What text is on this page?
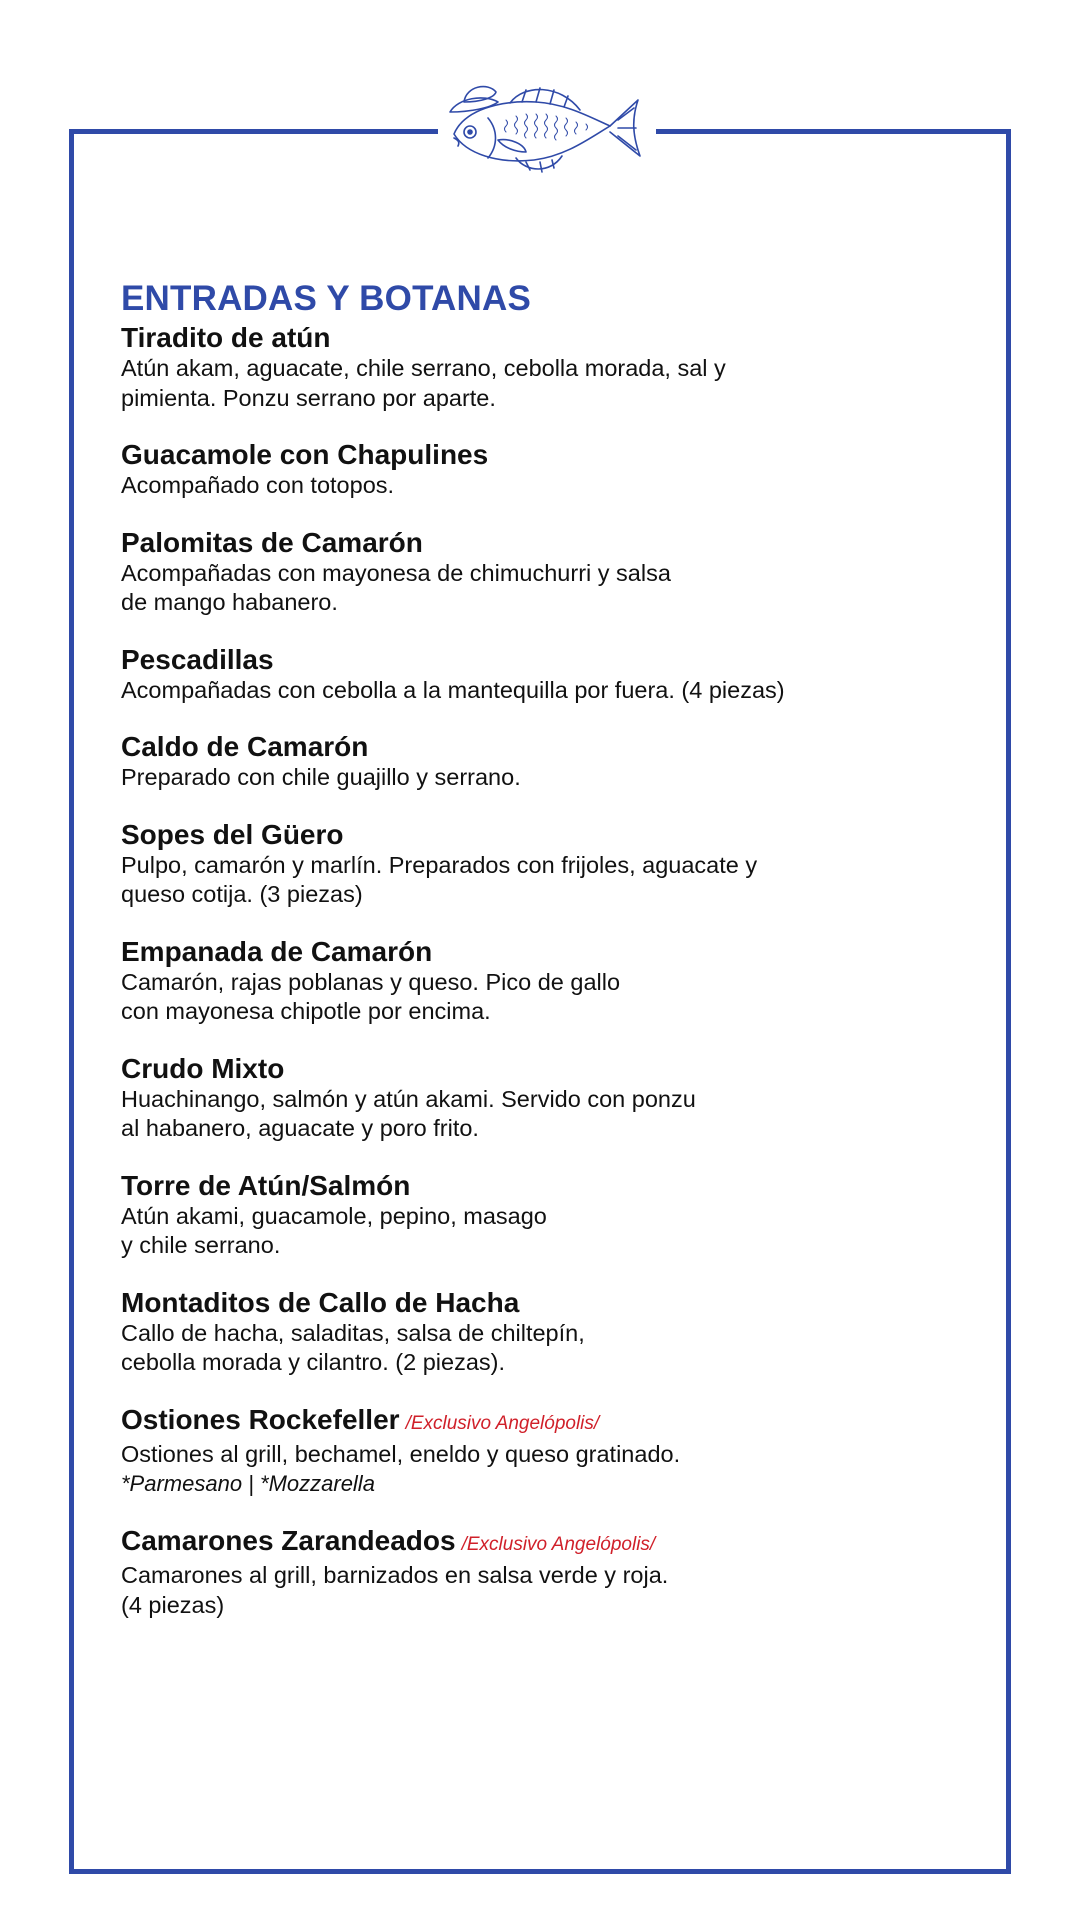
ENTRADAS Y BOTANAS
Tiradito de atún
Atún akam, aguacate, chile serrano, cebolla morada, sal y
pimienta. Ponzu serrano por aparte.
Guacamole con Chapulines
Acompañado con totopos.
Palomitas de Camarón
Acompañadas con mayonesa de chimuchurri y salsa
de mango habanero.
Pescadillas
Acompañadas con cebolla a la mantequilla por fuera. (4 piezas)
Caldo de Camarón
Preparado con chile guajillo y serrano.
Sopes del Güero
Pulpo, camarón y marlín. Preparados con frijoles, aguacate y
queso cotija. (3 piezas)
Empanada de Camarón
Camarón, rajas poblanas y queso. Pico de gallo
con mayonesa chipotle por encima.
Crudo Mixto
Huachinango, salmón y atún akami. Servido con ponzu
al habanero, aguacate y poro frito.
Torre de Atún/Salmón
Atún akami, guacamole, pepino, masago
y chile serrano.
Montaditos de Callo de Hacha
Callo de hacha, saladitas, salsa de chiltepín,
cebolla morada y cilantro. (2 piezas).
Ostiones Rockefeller /Exclusivo Angelópolis/
Ostiones al grill, bechamel, eneldo y queso gratinado.
*Parmesano | *Mozzarella
Camarones Zarandeados /Exclusivo Angelópolis/
Camarones al grill, barnizados en salsa verde y roja.
(4 piezas)
